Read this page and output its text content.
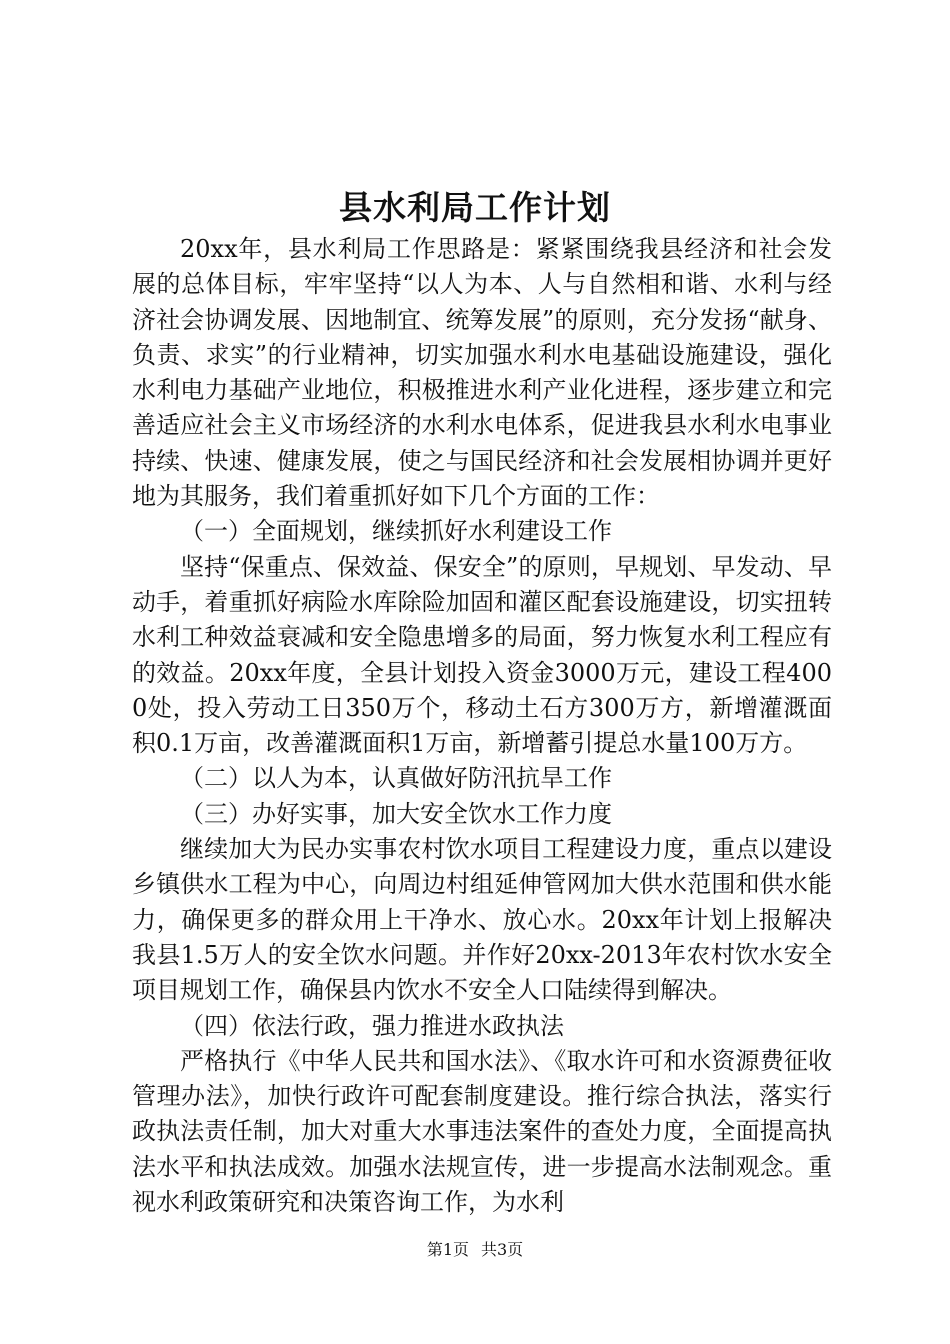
县水利局工作计划

20xx年，县水利局工作思路是：紧紧围绕我县经济和社会发展的总体目标，牢牢坚持“以人为本、人与自然相和谐、水利与经济社会协调发展、因地制宜、统筹发展”的原则，充分发扬“献身、负责、求实”的行业精神，切实加强水利水电基础设施建设，强化水利电力基础产业地位，积极推进水利产业化进程，逐步建立和完善适应社会主义市场经济的水利水电体系，促进我县水利水电事业持续、快速、健康发展，使之与国民经济和社会发展相协调并更好地为其服务，我们着重抓好如下几个方面的工作：

（一）全面规划，继续抓好水利建设工作

坚持“保重点、保效益、保安全”的原则，早规划、早发动、早动手，着重抓好病险水库除险加固和灌区配套设施建设，切实扭转水利工种效益衰减和安全隐患增多的局面，努力恢复水利工程应有的效益。20xx年度，全县计划投入资金3000万元，建设工程4000处，投入劳动工日350万个，移动土石方300万方，新增灌溉面积0.1万亩，改善灌溉面积1万亩，新增蓄引提总水量100万方。

（二）以人为本，认真做好防汛抗旱工作

（三）办好实事，加大安全饮水工作力度

继续加大为民办实事农村饮水项目工程建设力度，重点以建设乡镇供水工程为中心，向周边村组延伸管网加大供水范围和供水能力，确保更多的群众用上干净水、放心水。20xx年计划上报解决我县1.5万人的安全饮水问题。并作好20xx-2013年农村饮水安全项目规划工作，确保县内饮水不安全人口陆续得到解决。

（四）依法行政，强力推进水政执法

严格执行《中华人民共和国水法》、《取水许可和水资源费征收管理办法》，加快行政许可配套制度建设。推行综合执法，落实行政执法责任制，加大对重大水事违法案件的查处力度，全面提高执法水平和执法成效。加强水法规宣传，进一步提高水法制观念。重视水利政策研究和决策咨询工作，为水利

第1页 共3页
